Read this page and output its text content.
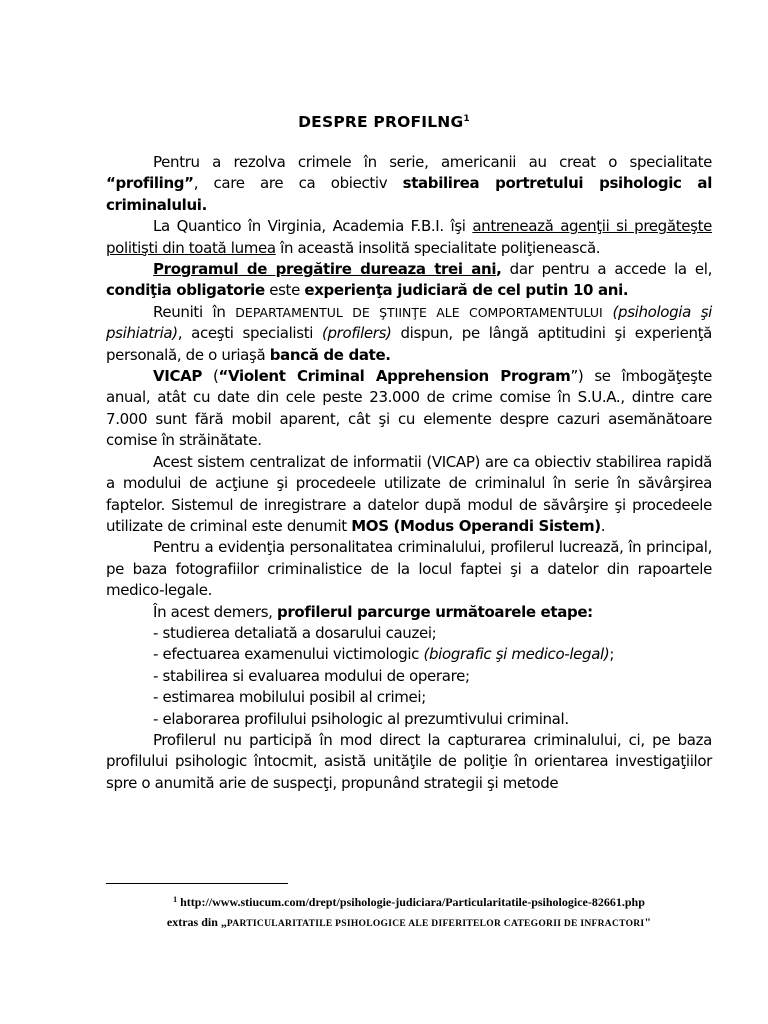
DESPRE PROFILNG$^1$

Pentru a rezolva crimele în serie, americanii au creat o specialitate “profiling”, care are ca obiectiv stabilirea portretului psihologic al criminalului.

La Quantico în Virginia, Academia F.B.I. îşi antrenează agenţii si pregăteşte politişti din toată lumea în această insolită specialitate poliţienească.

Programul de pregătire dureaza trei ani, dar pentru a accede la el, condiţia obligatorie este experienţa judiciară de cel putin 10 ani.

Reuniti în DEPARTAMENTUL DE ŞTIINŢE ALE COMPORTAMENTULUI (psihologia şi psihiatria), aceşti specialisti (profilers) dispun, pe lângă aptitudini şi experienţă personală, de o uriaşă bancă de date.

VICAP (“Violent Criminal Apprehension Program”) se îmbogăţeşte anual, atât cu date din cele peste 23.000 de crime comise în S.U.A., dintre care 7.000 sunt fără mobil aparent, cât şi cu elemente despre cazuri asemănătoare comise în străinătate.

Acest sistem centralizat de informatii (VICAP) are ca obiectiv stabilirea rapidă a modului de acţiune şi procedeele utilizate de criminalul în serie în săvârşirea faptelor. Sistemul de inregistrare a datelor după modul de săvârşire şi procedeele utilizate de criminal este denumit MOS (Modus Operandi Sistem).

Pentru a evidenţia personalitatea criminalului, profilerul lucrează, în principal, pe baza fotografiilor criminalistice de la locul faptei şi a datelor din rapoartele medico-legale.

În acest demers, profilerul parcurge următoarele etape:

- studierea detaliată a dosarului cauzei;

- efectuarea examenului victimologic (biografic şi medico-legal);

- stabilirea si evaluarea modului de operare;

- estimarea mobilului posibil al crimei;

- elaborarea profilului psihologic al prezumtivului criminal.

Profilerul nu participă în mod direct la capturarea criminalului, ci, pe baza profilului psihologic întocmit, asistă unităţile de poliţie în orientarea investigaţiilor spre o anumită arie de suspecţi, propunând strategii şi metode

$^1$ http://www.stiucum.com/drept/psihologie-judiciara/Particularitatile-psihologice-82661.php
extras din „PARTICULARITATILE PSIHOLOGICE ALE DIFERITELOR CATEGORII DE INFRACTORI"
